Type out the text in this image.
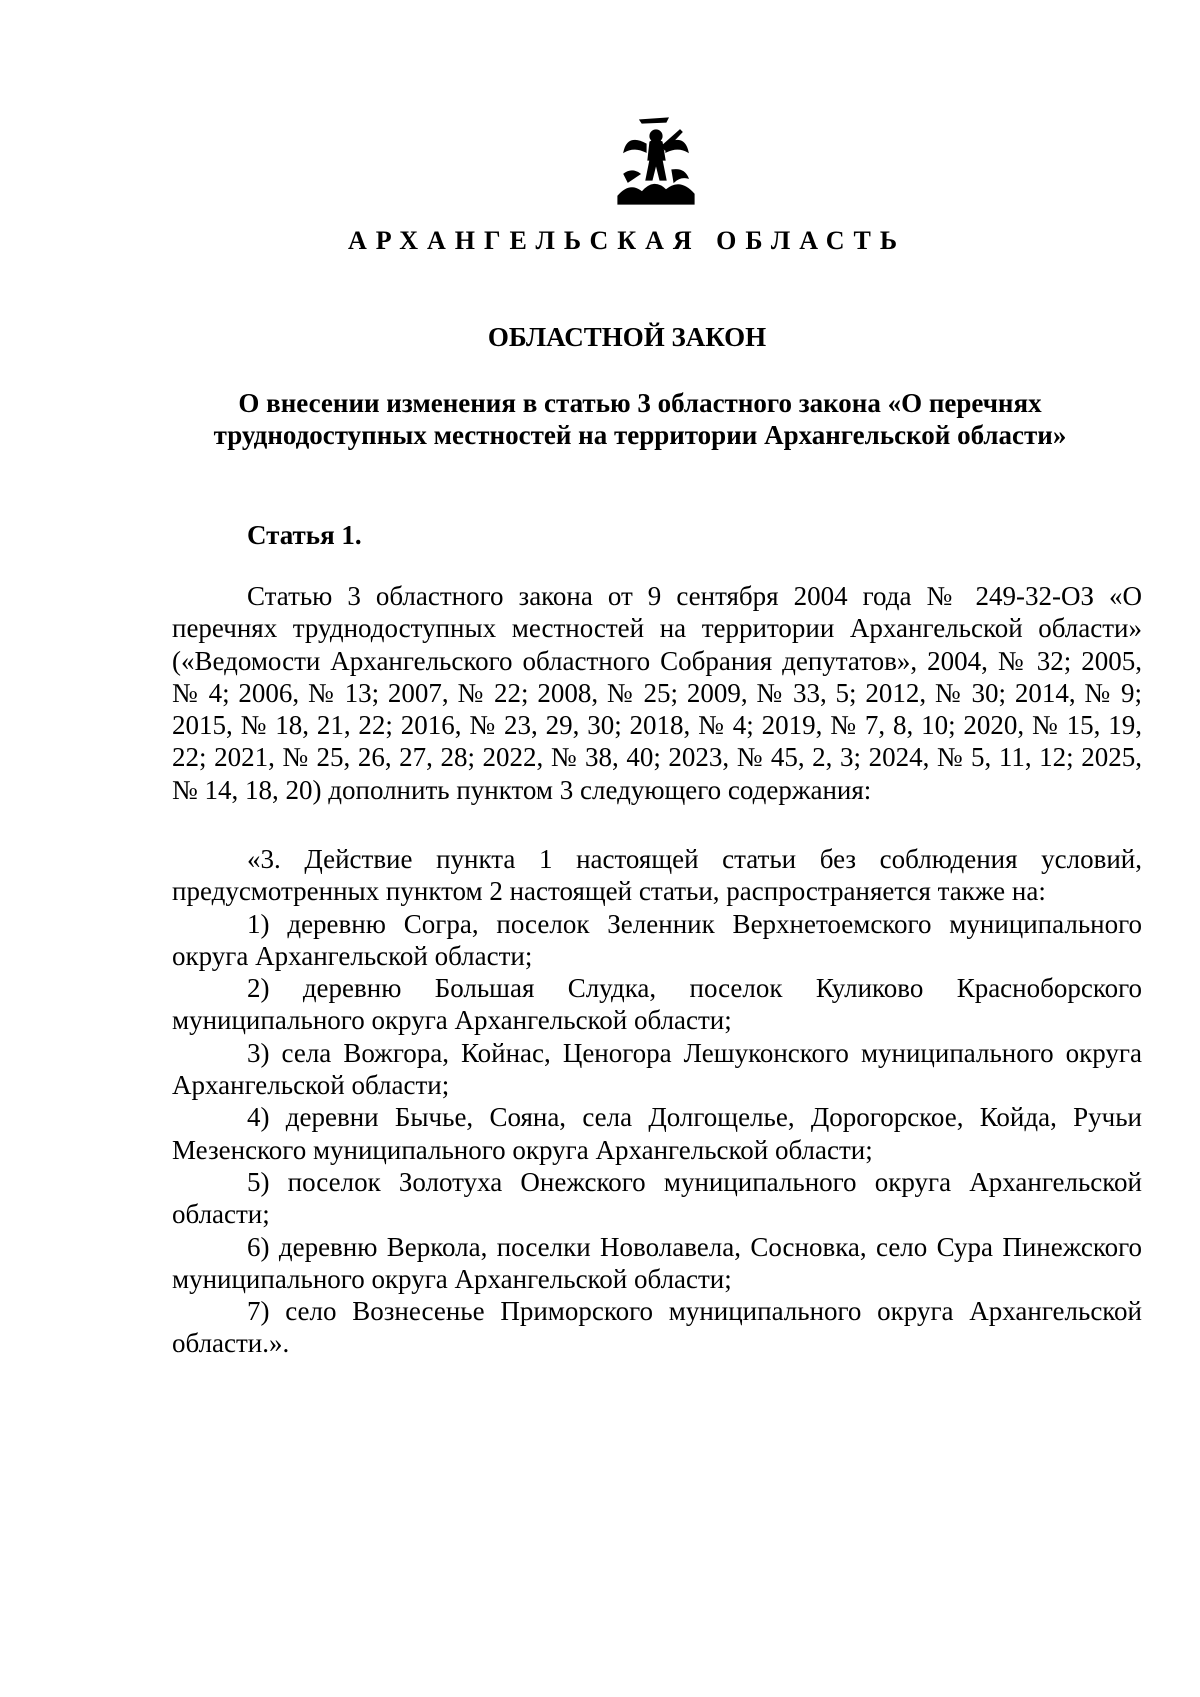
АРХАНГЕЛЬСКАЯ ОБЛАСТЬ
ОБЛАСТНОЙ ЗАКОН
О внесении изменения в статью 3 областного закона «О перечнях труднодоступных местностей на территории Архангельской области»
Статья 1.
Статью 3 областного закона от 9 сентября 2004 года № 249-32-ОЗ «О перечнях труднодоступных местностей на территории Архангельской области» («Ведомости Архангельского областного Собрания депутатов», 2004, № 32; 2005, № 4; 2006, № 13; 2007, № 22; 2008, № 25; 2009, № 33, 5; 2012, № 30; 2014, № 9; 2015, № 18, 21, 22; 2016, № 23, 29, 30; 2018, № 4; 2019, № 7, 8, 10; 2020, № 15, 19, 22; 2021, № 25, 26, 27, 28; 2022, № 38, 40; 2023, № 45, 2, 3; 2024, № 5, 11, 12; 2025, № 14, 18, 20) дополнить пунктом 3 следующего содержания:

«3. Действие пункта 1 настоящей статьи без соблюдения условий, предусмотренных пунктом 2 настоящей статьи, распространяется также на:

1) деревню Согра, поселок Зеленник Верхнетоемского муниципального округа Архангельской области;

2) деревню Большая Слудка, поселок Куликово Красноборского муниципального округа Архангельской области;

3) села Вожгора, Койнас, Ценогора Лешуконского муниципального округа Архангельской области;

4) деревни Бычье, Сояна, села Долгощелье, Дорогорское, Койда, Ручьи Мезенского муниципального округа Архангельской области;

5) поселок Золотуха Онежского муниципального округа Архангельской области;

6) деревню Веркола, поселки Новолавела, Сосновка, село Сура Пинежского муниципального округа Архангельской области;

7) село Вознесенье Приморского муниципального округа Архангельской области.».
